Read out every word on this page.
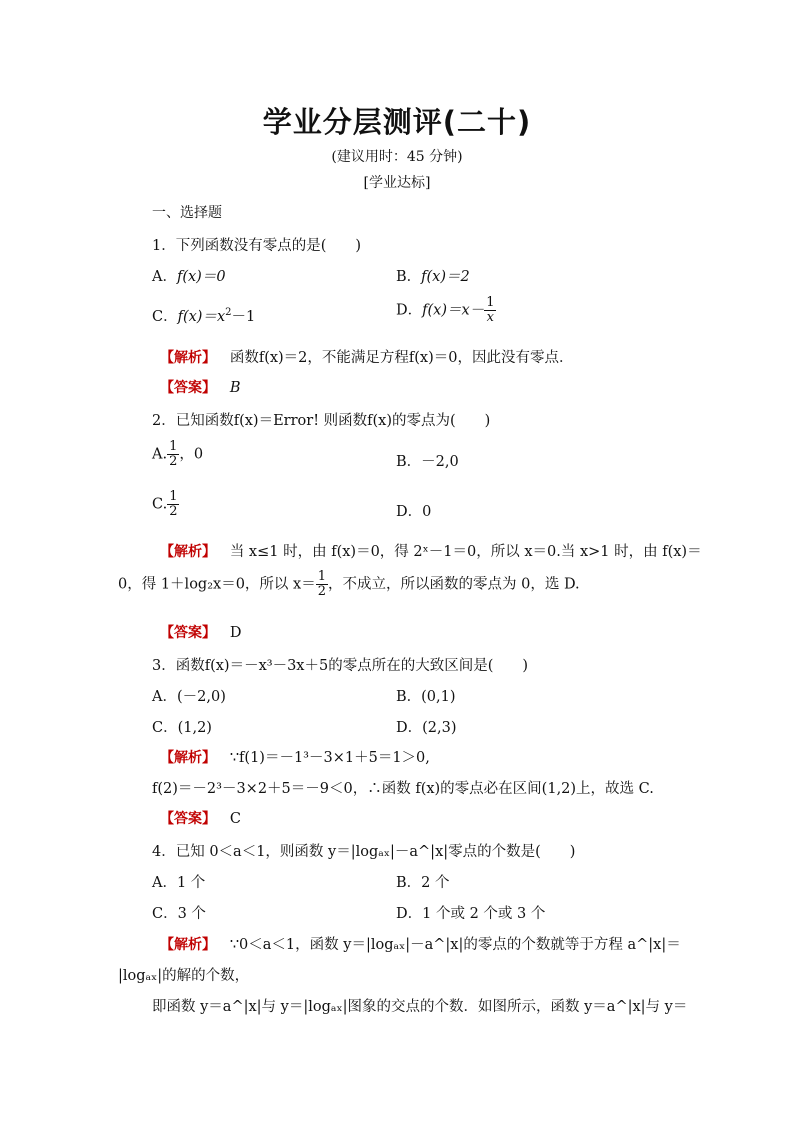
学业分层测评(二十)
(建议用时：45 分钟)
[学业达标]
一、选择题
1．下列函数没有零点的是(　　)
A．f(x)＝0	B．f(x)＝2
C．$f(x)=x^2-1$	D．$f(x)=x- \frac{1}{x}$
【解析】 函数f(x)＝2，不能满足方程f(x)＝0，因此没有零点．
【答案】 B
2．已知函数f(x)＝Error! 则函数f(x)的零点为(　　)
A. $\frac{1}{2}$ ，0	B．－2,0
C. $\frac{1}{2}$	D．0
【解析】 当 x≤1 时，由 f(x)＝0，得 2ˣ－1＝0，所以 x＝0.当 x>1 时，由 f(x)＝
0，得 1＋log₂x＝0，所以 $x= \frac{1}{2}$ ，不成立，所以函数的零点为 0，选 D.
【答案】 D
3．函数f(x)＝－x³－3x＋5的零点所在的大致区间是(　　)
A．(－2,0)	B．(0,1)
C．(1,2)	D．(2,3)
【解析】 ∵f(1)＝－1³－3×1＋5＝1＞0,
f(2)＝－2³－3×2＋5＝－9＜0，∴函数 f(x)的零点必在区间(1,2)上，故选 C.
【答案】 C
4．已知 0＜a＜1，则函数 y＝|logₐₓ|－a^|x|零点的个数是(　　)
A．1 个	B．2 个
C．3 个	D．1 个或 2 个或 3 个
【解析】 ∵0＜a＜1，函数 y＝|logₐₓ|－a^|x|的零点的个数就等于方程 a^|x|＝
|logₐₓ|的解的个数，
即函数 y＝a^|x|与 y＝|logₐₓ|图象的交点的个数．如图所示，函数 y＝a^|x|与 y＝
